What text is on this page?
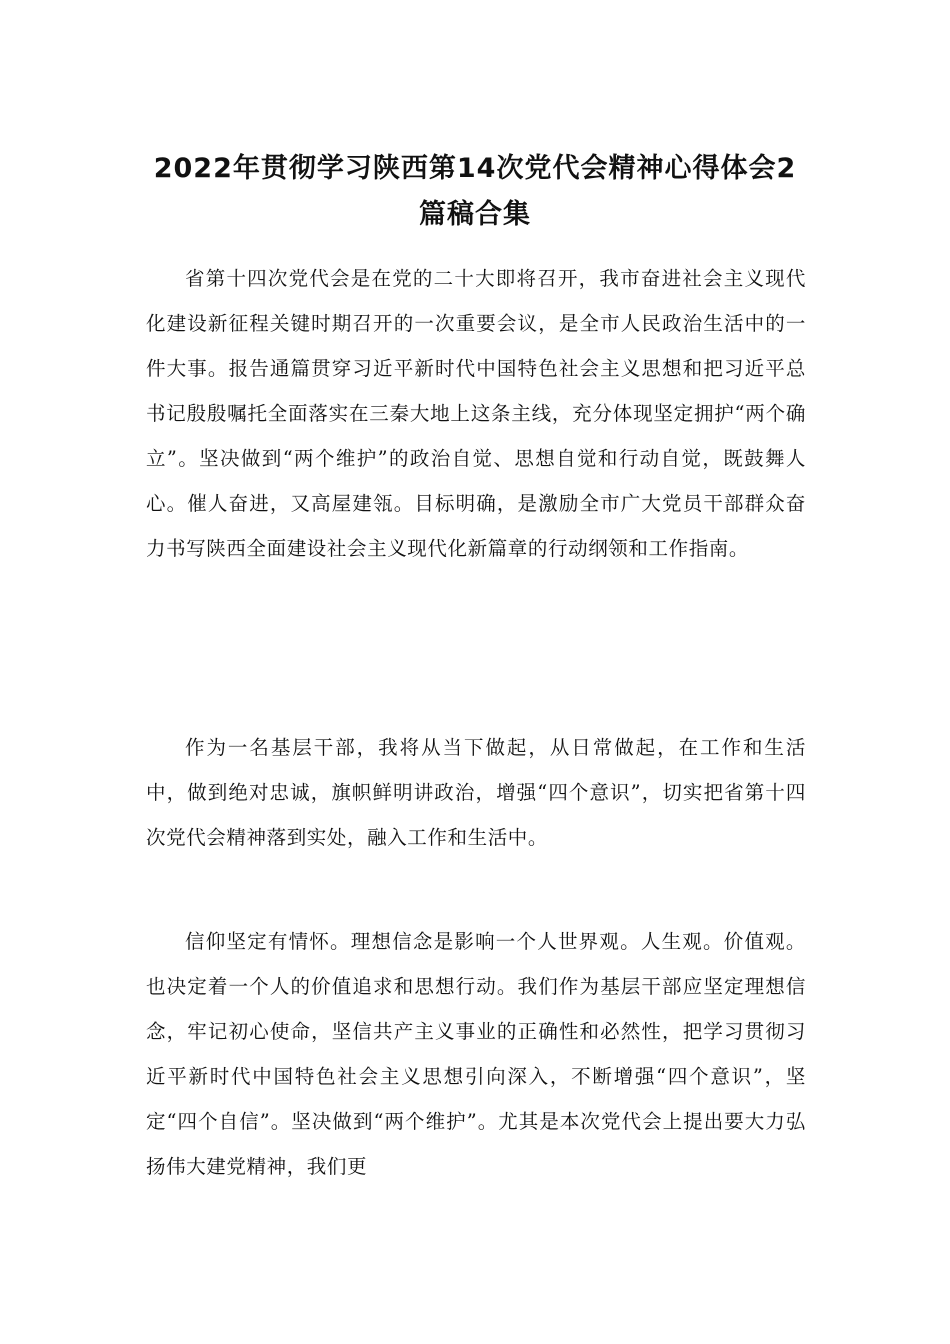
2022年贯彻学习陕西第14次党代会精神心得体会2
篇稿合集

省第十四次党代会是在党的二十大即将召开，我市奋进社会主义现代化建设新征程关键时期召开的一次重要会议，是全市人民政治生活中的一件大事。报告通篇贯穿习近平新时代中国特色社会主义思想和把习近平总书记殷殷嘱托全面落实在三秦大地上这条主线，充分体现坚定拥护“两个确立”。坚决做到“两个维护”的政治自觉、思想自觉和行动自觉，既鼓舞人心。催人奋进，又高屋建瓴。目标明确，是激励全市广大党员干部群众奋力书写陕西全面建设社会主义现代化新篇章的行动纲领和工作指南。

作为一名基层干部，我将从当下做起，从日常做起，在工作和生活中，做到绝对忠诚，旗帜鲜明讲政治，增强“四个意识”，切实把省第十四次党代会精神落到实处，融入工作和生活中。

信仰坚定有情怀。理想信念是影响一个人世界观。人生观。价值观。也决定着一个人的价值追求和思想行动。我们作为基层干部应坚定理想信念，牢记初心使命，坚信共产主义事业的正确性和必然性，把学习贯彻习近平新时代中国特色社会主义思想引向深入，不断增强“四个意识”，坚定“四个自信”。坚决做到“两个维护”。尤其是本次党代会上提出要大力弘扬伟大建党精神，我们更
